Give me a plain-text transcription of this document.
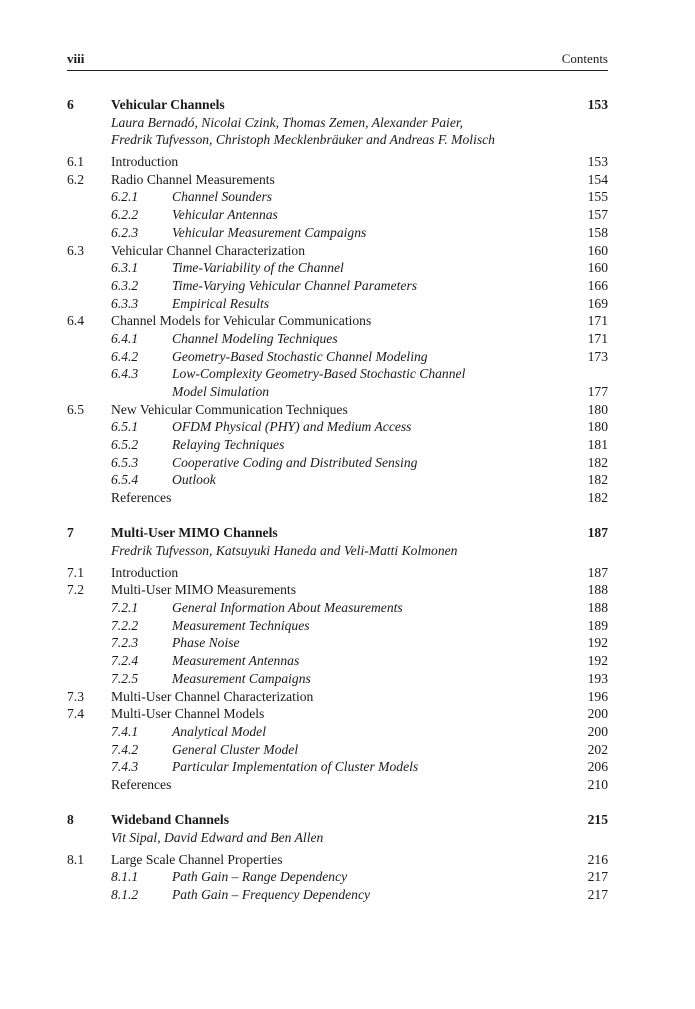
viii	Contents
6	Vehicular Channels	153
Laura Bernadó, Nicolai Czink, Thomas Zemen, Alexander Paier,
Fredrik Tufvesson, Christoph Mecklenbräuker and Andreas F. Molisch
6.1 Introduction	153
6.2 Radio Channel Measurements	154
6.2.1 Channel Sounders	155
6.2.2 Vehicular Antennas	157
6.2.3 Vehicular Measurement Campaigns	158
6.3 Vehicular Channel Characterization	160
6.3.1 Time-Variability of the Channel	160
6.3.2 Time-Varying Vehicular Channel Parameters	166
6.3.3 Empirical Results	169
6.4 Channel Models for Vehicular Communications	171
6.4.1 Channel Modeling Techniques	171
6.4.2 Geometry-Based Stochastic Channel Modeling	173
6.4.3 Low-Complexity Geometry-Based Stochastic Channel
Model Simulation	177
6.5 New Vehicular Communication Techniques	180
6.5.1 OFDM Physical (PHY) and Medium Access	180
6.5.2 Relaying Techniques	181
6.5.3 Cooperative Coding and Distributed Sensing	182
6.5.4 Outlook	182
References	182
7	Multi-User MIMO Channels	187
Fredrik Tufvesson, Katsuyuki Haneda and Veli-Matti Kolmonen
7.1 Introduction	187
7.2 Multi-User MIMO Measurements	188
7.2.1 General Information About Measurements	188
7.2.2 Measurement Techniques	189
7.2.3 Phase Noise	192
7.2.4 Measurement Antennas	192
7.2.5 Measurement Campaigns	193
7.3 Multi-User Channel Characterization	196
7.4 Multi-User Channel Models	200
7.4.1 Analytical Model	200
7.4.2 General Cluster Model	202
7.4.3 Particular Implementation of Cluster Models	206
References	210
8	Wideband Channels	215
Vit Sipal, David Edward and Ben Allen
8.1 Large Scale Channel Properties	216
8.1.1 Path Gain – Range Dependency	217
8.1.2 Path Gain – Frequency Dependency	217
